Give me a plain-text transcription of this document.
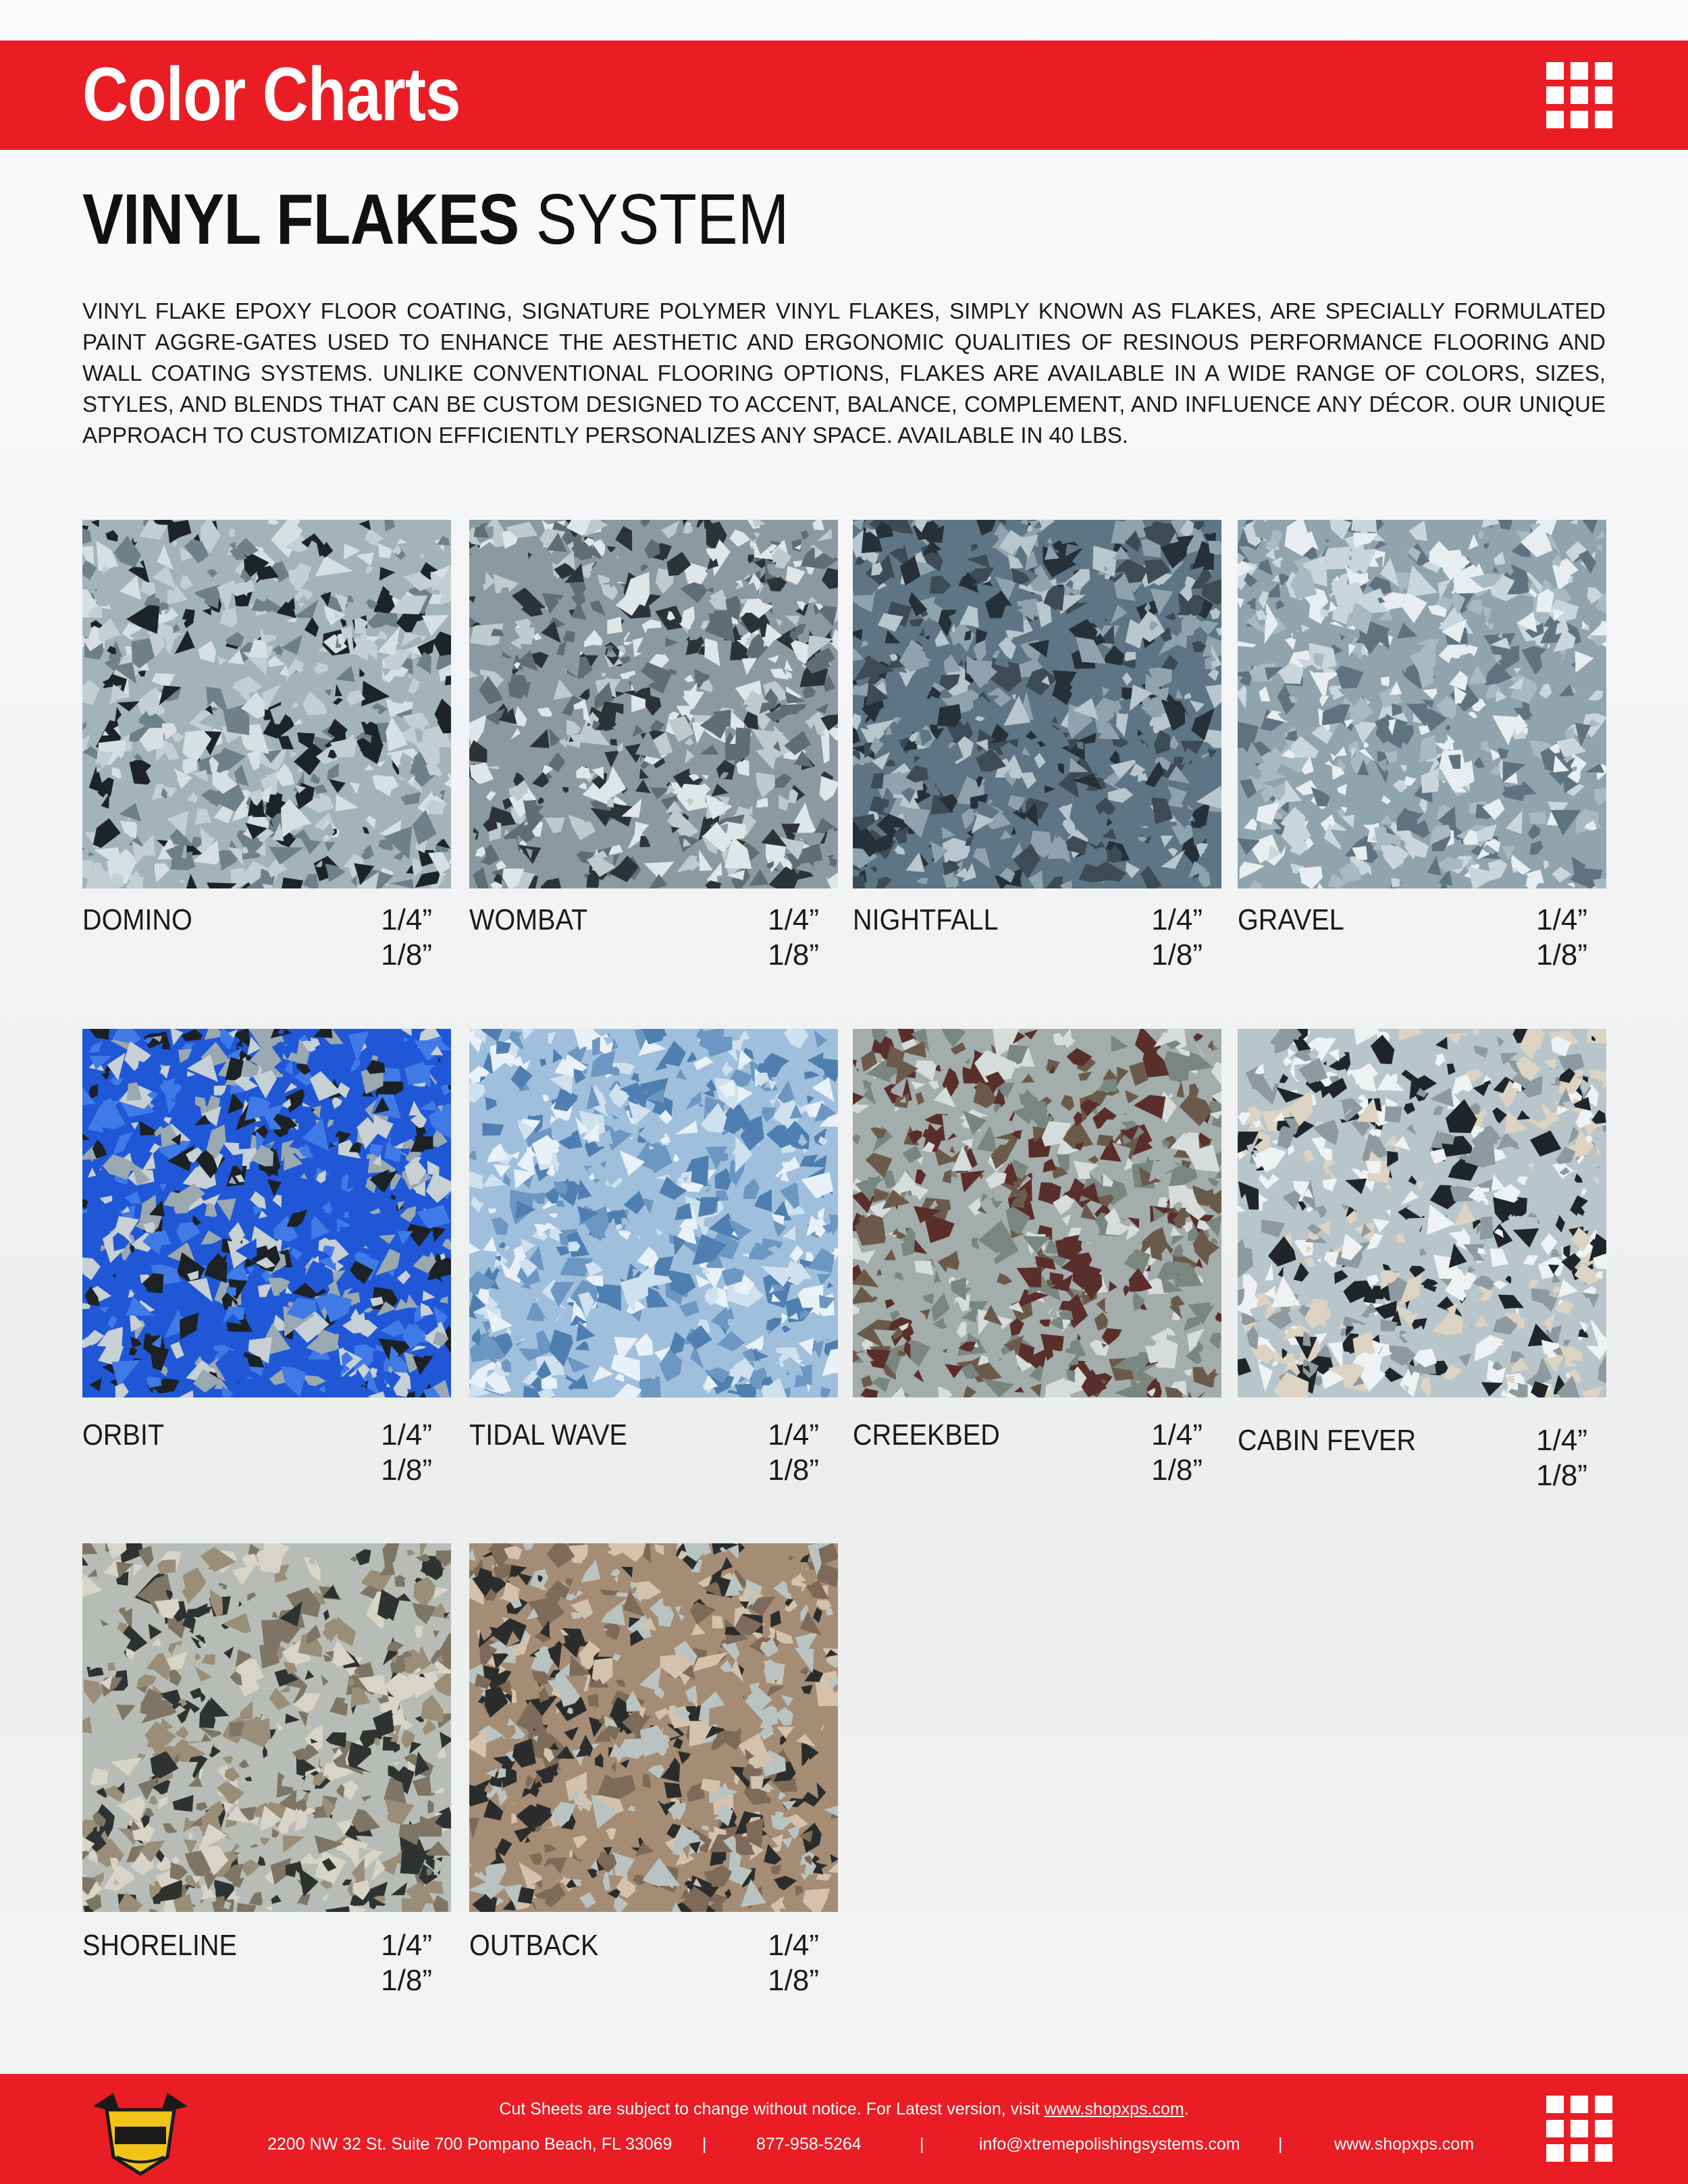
Color Charts
VINYL FLAKES SYSTEM

VINYL FLAKE EPOXY FLOOR COATING, SIGNATURE POLYMER VINYL FLAKES, SIMPLY KNOWN AS FLAKES, ARE SPECIALLY FORMULATED PAINT AGGRE-GATES USED TO ENHANCE THE AESTHETIC AND ERGONOMIC QUALITIES OF RESINOUS PERFORMANCE FLOORING AND WALL COATING SYSTEMS. UNLIKE CONVENTIONAL FLOORING OPTIONS, FLAKES ARE AVAILABLE IN A WIDE RANGE OF COLORS, SIZES, STYLES, AND BLENDS THAT CAN BE CUSTOM DESIGNED TO ACCENT, BALANCE, COMPLEMENT, AND INFLUENCE ANY DÉCOR. OUR UNIQUE APPROACH TO CUSTOMIZATION EFFICIENTLY PERSONALIZES ANY SPACE. AVAILABLE IN 40 LBS.

DOMINO	1/4”
1/8”
WOMBAT	1/4”
1/8”
NIGHTFALL	1/4”
1/8”
GRAVEL	1/4”
1/8”
ORBIT	1/4”
1/8”
TIDAL WAVE	1/4”
1/8”
CREEKBED	1/4”
1/8”
CABIN FEVER	1/4”
1/8”
SHORELINE	1/4”
1/8”
OUTBACK	1/4”
1/8”
Cut Sheets are subject to change without notice. For Latest version, visit www.shopxps.com.
2200 NW 32 St. Suite 700 Pompano Beach, FL 33069 |	877-958-5264	|	info@xtremepolishingsystems.com |	www.shopxps.com
